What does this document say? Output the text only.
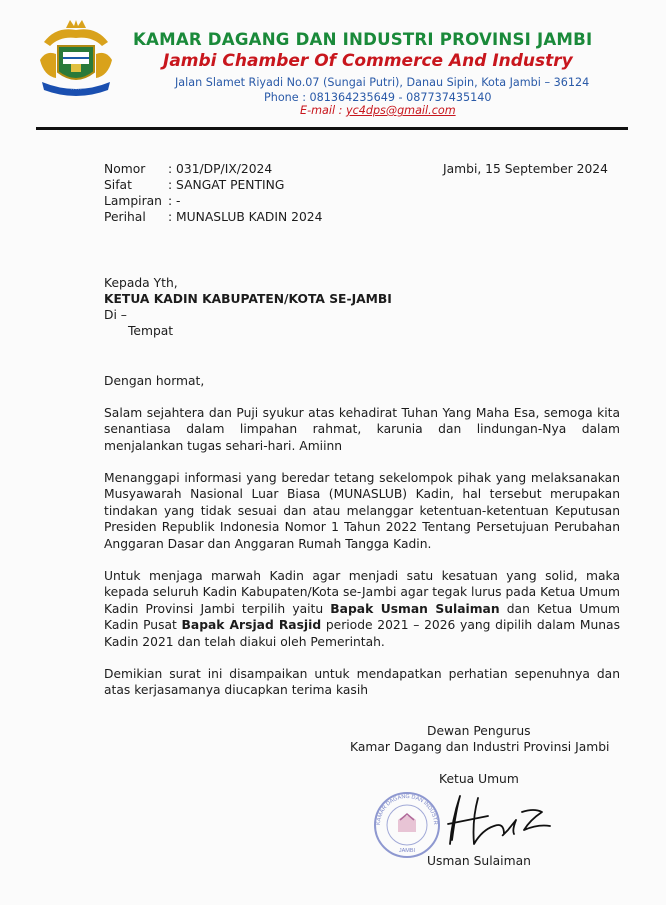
· · · · ·
KAMAR DAGANG DAN INDUSTRI PROVINSI JAMBI
Jambi Chamber Of Commerce And Industry
Jalan Slamet Riyadi No.07 (Sungai Putri), Danau Sipin, Kota Jambi – 36124
Phone : 081364235649 - 087737435140
E-mail : yc4dps@gmail.com
Nomor : 031/DP/IX/2024	Jambi, 15 September 2024
Sifat	: SANGAT PENTING
Lampiran : -
Perihal : MUNASLUB KADIN 2024
Kepada Yth,
KETUA KADIN KABUPATEN/KOTA SE-JAMBI
Di –
Tempat
Dengan hormat,
Salam sejahtera dan Puji syukur atas kehadirat Tuhan Yang Maha Esa, semoga kita senantiasa dalam limpahan rahmat, karunia dan lindungan-Nya dalam menjalankan tugas sehari-hari. Amiinn
Menanggapi informasi yang beredar tetang sekelompok pihak yang melaksanakan Musyawarah Nasional Luar Biasa (MUNASLUB) Kadin, hal tersebut merupakan tindakan yang tidak sesuai dan atau melanggar ketentuan-ketentuan Keputusan Presiden Republik Indonesia Nomor 1 Tahun 2022 Tentang Persetujuan Perubahan Anggaran Dasar dan Anggaran Rumah Tangga Kadin.
Untuk menjaga marwah Kadin agar menjadi satu kesatuan yang solid, maka kepada seluruh Kadin Kabupaten/Kota se-Jambi agar tegak lurus pada Ketua Umum Kadin Provinsi Jambi terpilih yaitu Bapak Usman Sulaiman dan Ketua Umum Kadin Pusat Bapak Arsjad Rasjid periode 2021 – 2026 yang dipilih dalam Munas Kadin 2021 dan telah diakui oleh Pemerintah.
Demikian surat ini disampaikan untuk mendapatkan perhatian sepenuhnya dan atas kerjasamanya diucapkan terima kasih
Dewan Pengurus
Kamar Dagang dan Industri Provinsi Jambi
Ketua Umum
KAMAR DAGANG DAN INDUSTR
JAMBI
Usman Sulaiman
